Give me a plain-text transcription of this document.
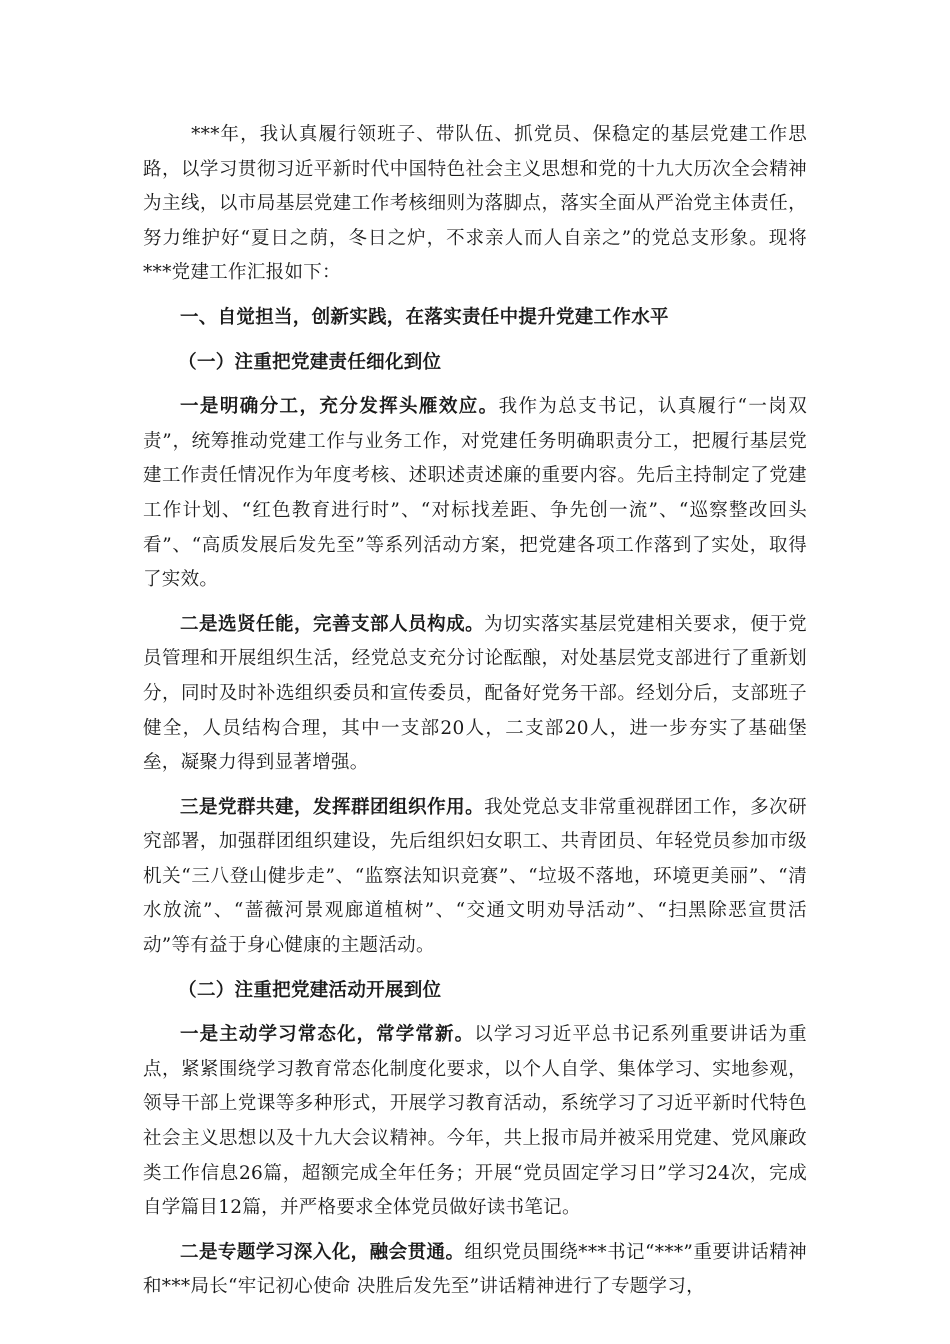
***年，我认真履行领班子、带队伍、抓党员、保稳定的基层党建工作思路，以学习贯彻习近平新时代中国特色社会主义思想和党的十九大历次全会精神为主线，以市局基层党建工作考核细则为落脚点，落实全面从严治党主体责任，努力维护好“夏日之荫，冬日之炉，不求亲人而人自亲之”的党总支形象。现将***党建工作汇报如下：

一、自觉担当，创新实践，在落实责任中提升党建工作水平

（一）注重把党建责任细化到位

一是明确分工，充分发挥头雁效应。我作为总支书记，认真履行“一岗双责”，统筹推动党建工作与业务工作，对党建任务明确职责分工，把履行基层党建工作责任情况作为年度考核、述职述责述廉的重要内容。先后主持制定了党建工作计划、“红色教育进行时”、“对标找差距、争先创一流”、“巡察整改回头看”、“高质发展后发先至”等系列活动方案，把党建各项工作落到了实处，取得了实效。

二是选贤任能，完善支部人员构成。为切实落实基层党建相关要求，便于党员管理和开展组织生活，经党总支充分讨论酝酿，对处基层党支部进行了重新划分，同时及时补选组织委员和宣传委员，配备好党务干部。经划分后，支部班子健全，人员结构合理，其中一支部20人，二支部20人，进一步夯实了基础堡垒，凝聚力得到显著增强。

三是党群共建，发挥群团组织作用。我处党总支非常重视群团工作，多次研究部署，加强群团组织建设，先后组织妇女职工、共青团员、年轻党员参加市级机关“三八登山健步走”、“监察法知识竞赛”、“垃圾不落地，环境更美丽”、“清水放流”、“蔷薇河景观廊道植树”、“交通文明劝导活动”、“扫黑除恶宣贯活动”等有益于身心健康的主题活动。

（二）注重把党建活动开展到位

一是主动学习常态化，常学常新。以学习习近平总书记系列重要讲话为重点，紧紧围绕学习教育常态化制度化要求，以个人自学、集体学习、实地参观，领导干部上党课等多种形式，开展学习教育活动，系统学习了习近平新时代特色社会主义思想以及十九大会议精神。今年，共上报市局并被采用党建、党风廉政类工作信息26篇，超额完成全年任务；开展“党员固定学习日”学习24次，完成自学篇目12篇，并严格要求全体党员做好读书笔记。

二是专题学习深入化，融会贯通。组织党员围绕***书记“***”重要讲话精神和***局长“牢记初心使命 决胜后发先至”讲话精神进行了专题学习，
